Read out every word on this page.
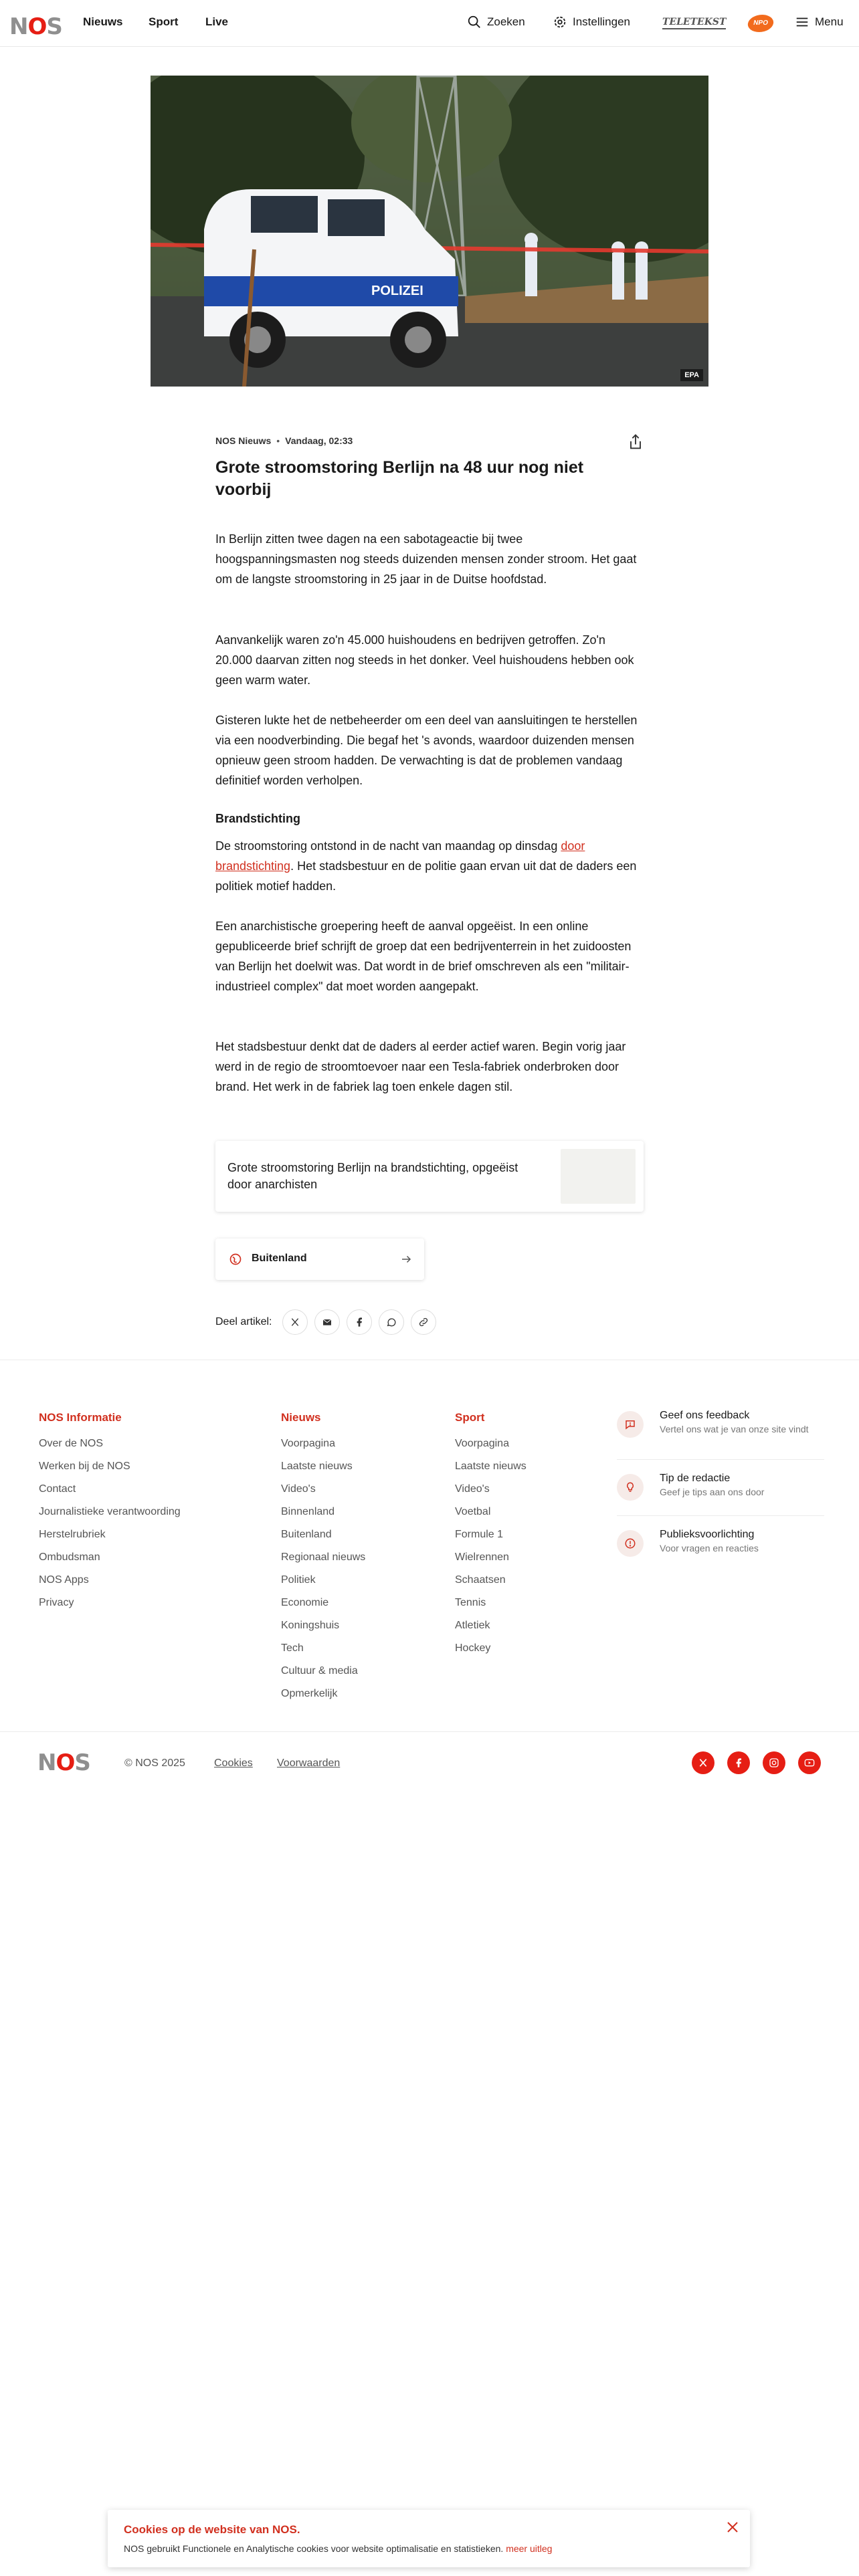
NOS Nieuws Sport Live	Zoeken	Instellingen	TELETEKST	NPO	Menu
POLIZEI
EPA
NOS Nieuws • Vandaag, 02:33
Grote stroomstoring Berlijn na 48 uur nog niet voorbij

In Berlijn zitten twee dagen na een sabotageactie bij twee hoogspanningsmasten nog steeds duizenden mensen zonder stroom. Het gaat om de langste stroomstoring in 25 jaar in de Duitse hoofdstad.

Aanvankelijk waren zo'n 45.000 huishoudens en bedrijven getroffen. Zo'n 20.000 daarvan zitten nog steeds in het donker. Veel huishoudens hebben ook geen warm water.

Gisteren lukte het de netbeheerder om een deel van aansluitingen te herstellen via een noodverbinding. Die begaf het 's avonds, waardoor duizenden mensen opnieuw geen stroom hadden. De verwachting is dat de problemen vandaag definitief worden verholpen.

Brandstichting

De stroomstoring ontstond in de nacht van maandag op dinsdag door brandstichting. Het stadsbestuur en de politie gaan ervan uit dat de daders een politiek motief hadden.

Een anarchistische groepering heeft de aanval opgeëist. In een online gepubliceerde brief schrijft de groep dat een bedrijventerrein in het zuidoosten van Berlijn het doelwit was. Dat wordt in de brief omschreven als een "militair-industrieel complex" dat moet worden aangepakt.

Het stadsbestuur denkt dat de daders al eerder actief waren. Begin vorig jaar werd in de regio de stroomtoevoer naar een Tesla-fabriek onderbroken door brand. Het werk in de fabriek lag toen enkele dagen stil.

Grote stroomstoring Berlijn na brandstichting, opgeëist door anarchisten
Buitenland
Deel artikel:
NOS Informatie
Over de NOS
Werken bij de NOS
Contact
Journalistieke verantwoording
Herstelrubriek
Ombudsman
NOS Apps
Privacy
Nieuws
Voorpagina
Laatste nieuws
Video's
Binnenland
Buitenland
Regionaal nieuws
Politiek
Economie
Koningshuis
Tech
Cultuur & media
Opmerkelijk
Sport
Voorpagina
Laatste nieuws
Video's
Voetbal
Formule 1
Wielrennen
Schaatsen
Tennis
Atletiek
Hockey
Geef ons feedback
Vertel ons wat je van onze site vindt
Tip de redactie
Geef je tips aan ons door
Publieksvoorlichting
Voor vragen en reacties
NOS	© NOS 2025	Cookies Voorwaarden
Cookies op de website van NOS.
NOS gebruikt Functionele en Analytische cookies voor website optimalisatie en statistieken. meer uitleg
